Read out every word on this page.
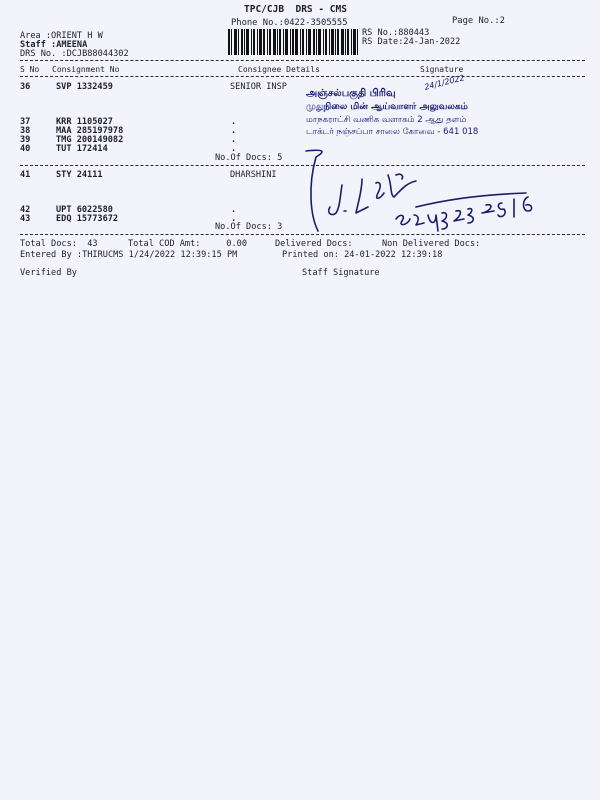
TPC/CJB  DRS - CMS
Phone No.:0422-3505555	Page No.:2
Area :ORIENT H W
Staff :AMEENA
DRS No. :DCJB88044302
RS No.:880443
RS Date:24-Jan-2022
S No Consignment No	Consignee Details	Signature
36	SVP 1332459	SENIOR INSP
37	KRR 1105027	.
38	MAA 285197978	.
39	TMG 200149082	.
40	TUT 172414	.
No.Of Docs: 5
41	STY 24111	DHARSHINI
42	UPT 6022580	.
43	EDQ 15773672	.
No.Of Docs: 3
அஞ்சல்பகுதி பிரிவு
முதுநிலை மின் ஆய்வாளர் அலுவலகம்
மாநகராட்சி வணிக வளாகம் 2 ஆது தளம்
டாக்டர் நஞ்சப்பா சாலை கோவை - 641 018
24/1/2022
Total Docs:  43	Total COD Amt:     0.00	Delivered Docs:	Non Delivered Docs:
Entered By :THIRUCMS 1/24/2022 12:39:15 PM	Printed on: 24-01-2022 12:39:18
Verified By	Staff Signature
